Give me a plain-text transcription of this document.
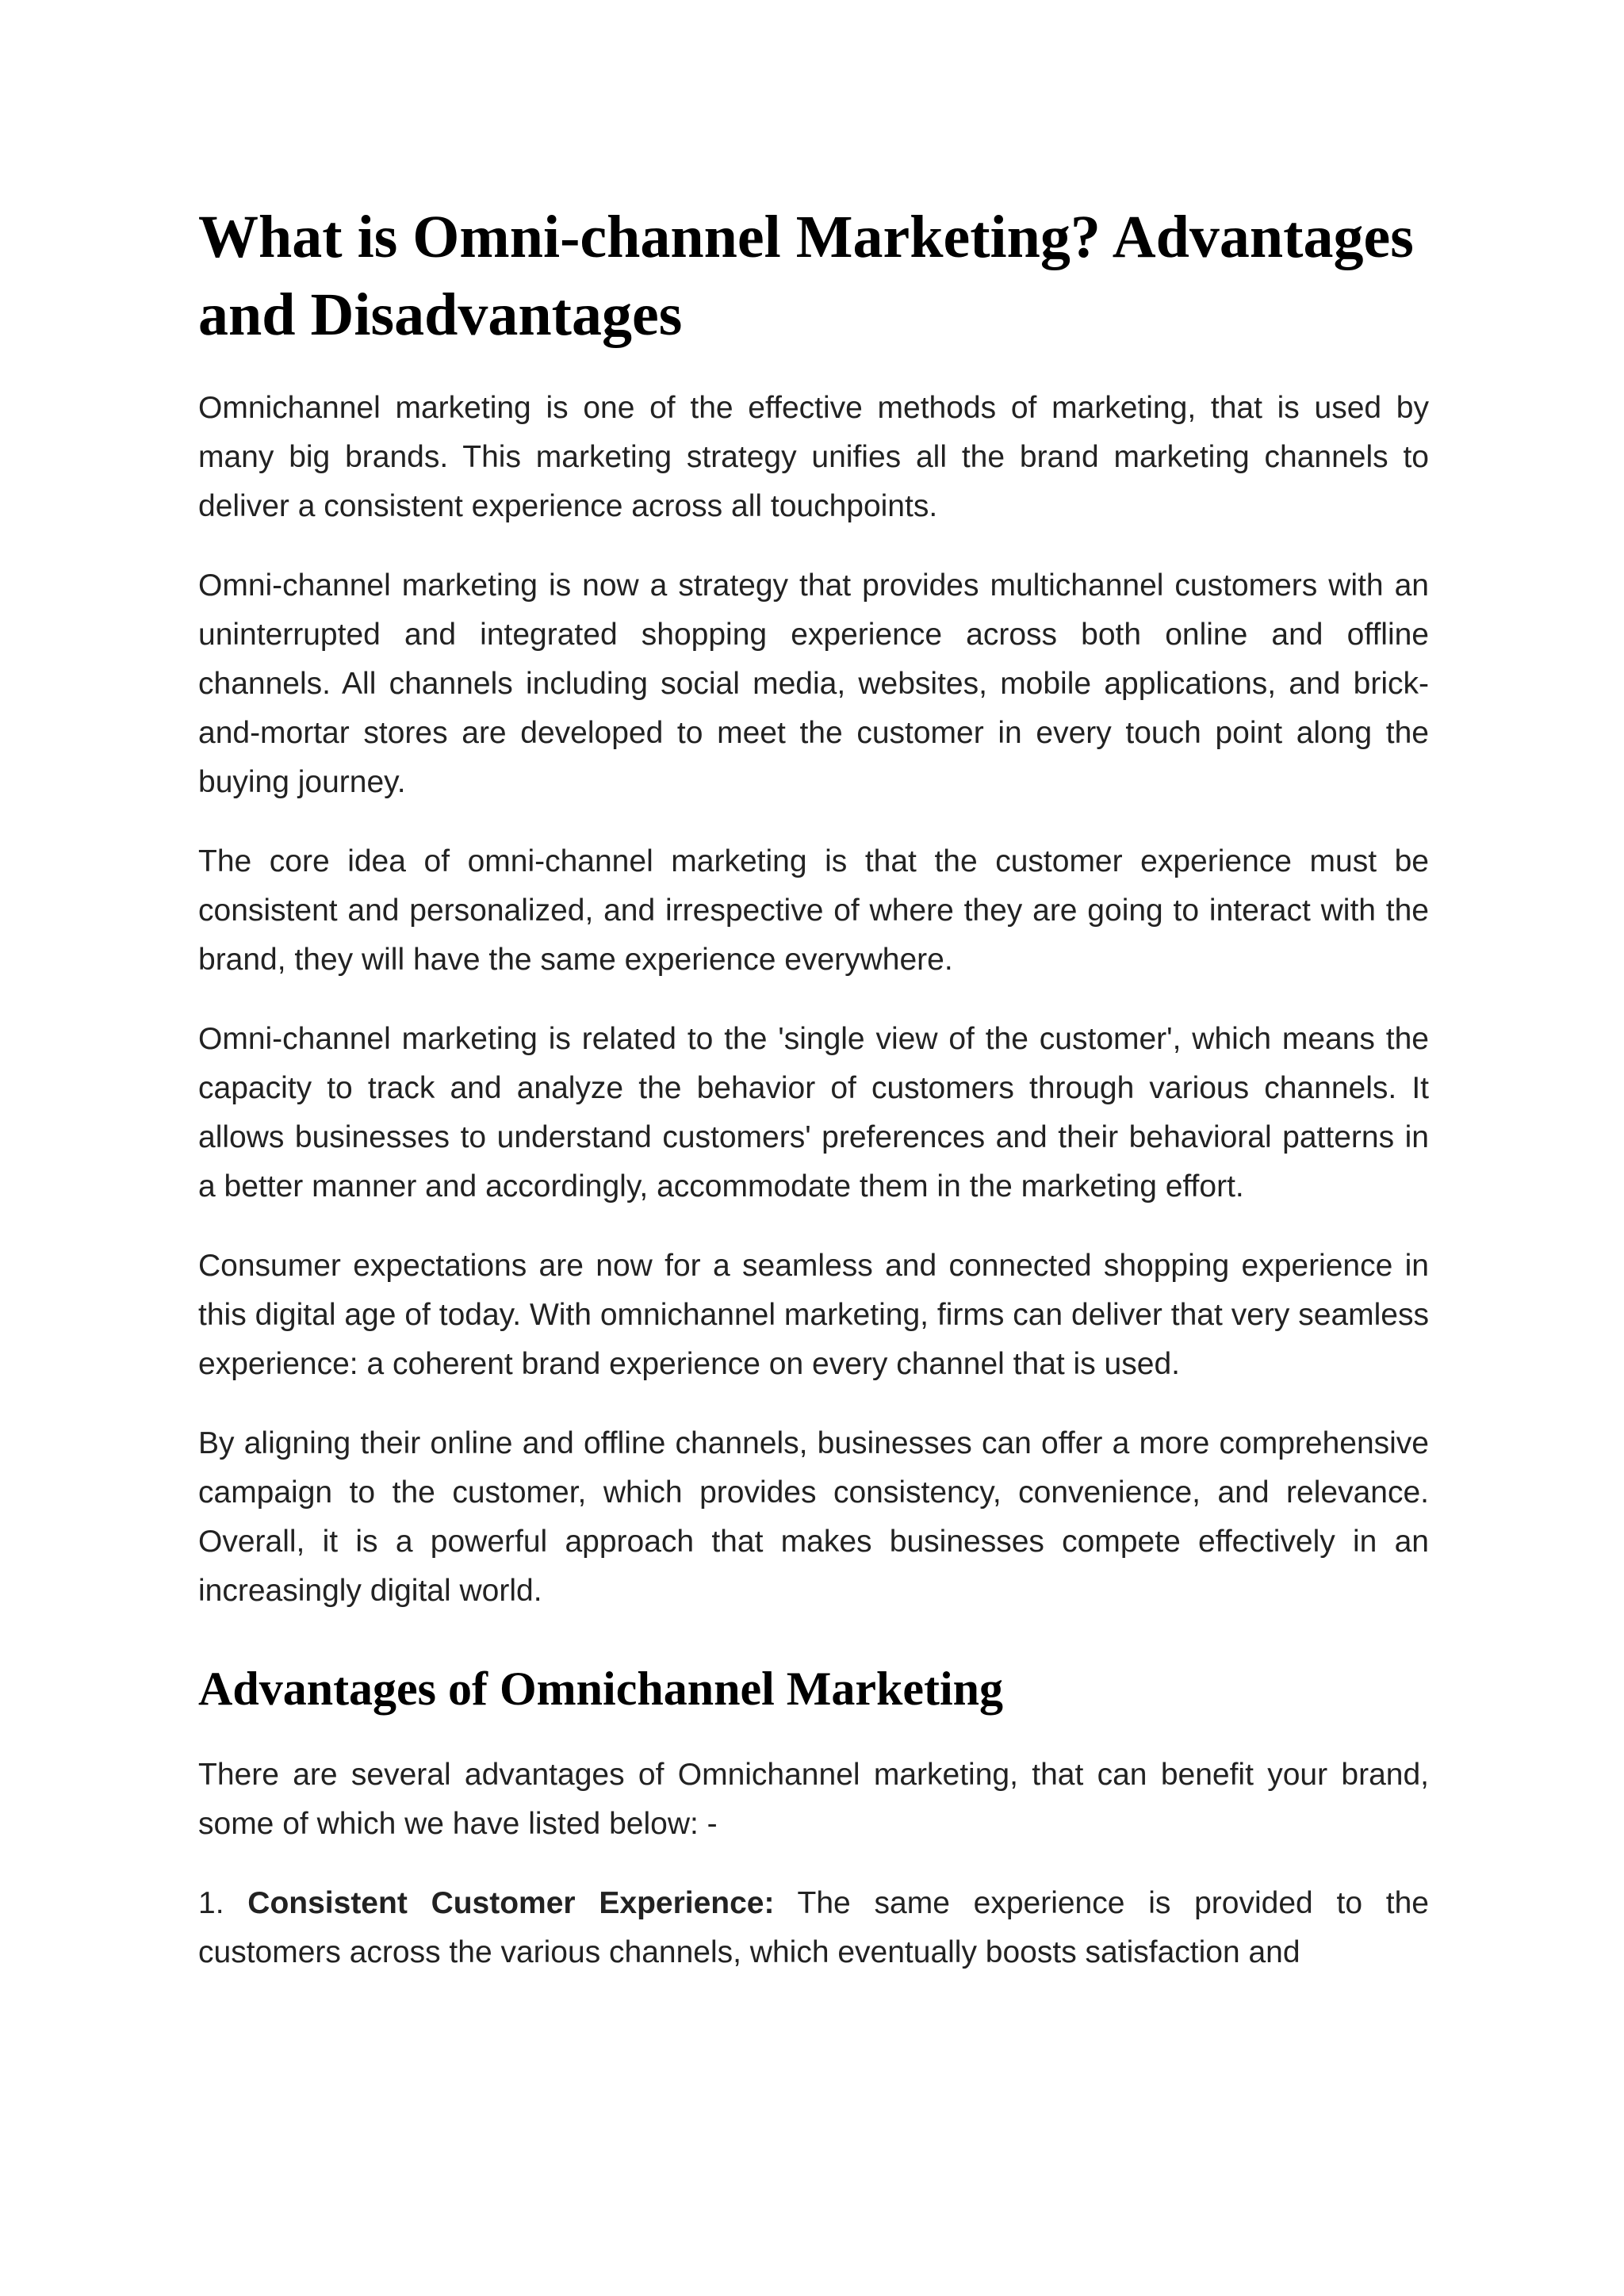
What is Omni-channel Marketing? Advantages and Disadvantages

Omnichannel marketing is one of the effective methods of marketing, that is used by many big brands. This marketing strategy unifies all the brand marketing channels to deliver a consistent experience across all touchpoints.

Omni-channel marketing is now a strategy that provides multichannel customers with an uninterrupted and integrated shopping experience across both online and offline channels. All channels including social media, websites, mobile applications, and brick-and-mortar stores are developed to meet the customer in every touch point along the buying journey.

The core idea of omni-channel marketing is that the customer experience must be consistent and personalized, and irrespective of where they are going to interact with the brand, they will have the same experience everywhere.

Omni-channel marketing is related to the 'single view of the customer', which means the capacity to track and analyze the behavior of customers through various channels. It allows businesses to understand customers' preferences and their behavioral patterns in a better manner and accordingly, accommodate them in the marketing effort.

Consumer expectations are now for a seamless and connected shopping experience in this digital age of today. With omnichannel marketing, firms can deliver that very seamless experience: a coherent brand experience on every channel that is used.

By aligning their online and offline channels, businesses can offer a more comprehensive campaign to the customer, which provides consistency, convenience, and relevance. Overall, it is a powerful approach that makes businesses compete effectively in an increasingly digital world.

Advantages of Omnichannel Marketing

There are several advantages of Omnichannel marketing, that can benefit your brand, some of which we have listed below: -

1. Consistent Customer Experience: The same experience is provided to the customers across the various channels, which eventually boosts satisfaction and
